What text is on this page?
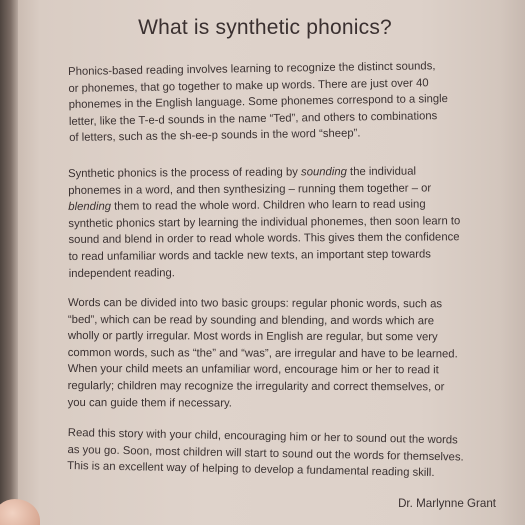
What is synthetic phonics?
Phonics-based reading involves learning to recognize the distinct sounds,
or phonemes, that go together to make up words. There are just over 40
phonemes in the English language. Some phonemes correspond to a single
letter, like the T-e-d sounds in the name “Ted”, and others to combinations
of letters, such as the sh-ee-p sounds in the word “sheep”.
Synthetic phonics is the process of reading by sounding the individual
phonemes in a word, and then synthesizing – running them together – or
blending them to read the whole word. Children who learn to read using
synthetic phonics start by learning the individual phonemes, then soon learn to
sound and blend in order to read whole words. This gives them the confidence
to read unfamiliar words and tackle new texts, an important step towards
independent reading.
Words can be divided into two basic groups: regular phonic words, such as
“bed”, which can be read by sounding and blending, and words which are
wholly or partly irregular. Most words in English are regular, but some very
common words, such as “the” and “was”, are irregular and have to be learned.
When your child meets an unfamiliar word, encourage him or her to read it
regularly; children may recognize the irregularity and correct themselves, or
you can guide them if necessary.
Read this story with your child, encouraging him or her to sound out the words
as you go. Soon, most children will start to sound out the words for themselves.
This is an excellent way of helping to develop a fundamental reading skill.
Dr. Marlynne Grant
